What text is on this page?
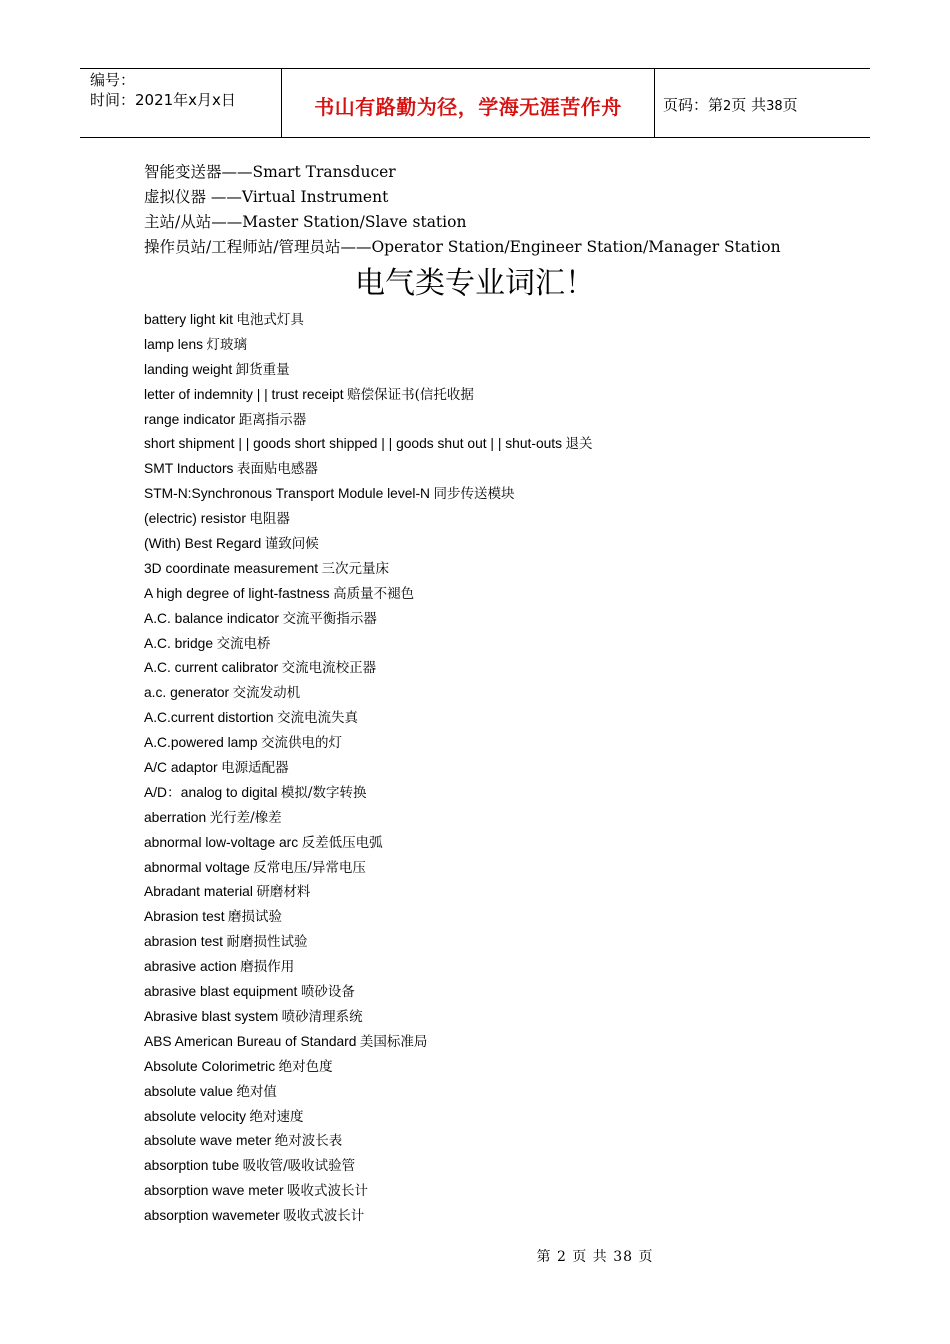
编号：
时间：2021年x月x日	书山有路勤为径，学海无涯苦作舟	页码：第2页 共38页
智能变送器——Smart Transducer
虚拟仪器 ——Virtual Instrument
主站/从站——Master Station/Slave station
操作员站/工程师站/管理员站——Operator Station/Engineer Station/Manager Station
电气类专业词汇！
battery light kit 电池式灯具
lamp lens 灯玻璃
landing weight 卸货重量
letter of indemnity | | trust receipt 赔偿保证书(信托收据
range indicator 距离指示器
short shipment | | goods short shipped | | goods shut out | | shut-outs 退关
SMT Inductors 表面贴电感器
STM-N:Synchronous Transport Module level-N 同步传送模块
(electric) resistor 电阻器
(With) Best Regard 谨致问候
3D coordinate measurement 三次元量床
A high degree of light-fastness 高质量不褪色
A.C. balance indicator 交流平衡指示器
A.C. bridge 交流电桥
A.C. current calibrator 交流电流校正器
a.c. generator 交流发动机
A.C.current distortion 交流电流失真
A.C.powered lamp 交流供电的灯
A/C adaptor 电源适配器
A/D：analog to digital 模拟/数字转换
aberration 光行差/橡差
abnormal low-voltage arc 反差低压电弧
abnormal voltage 反常电压/异常电压
Abradant material 研磨材料
Abrasion test 磨损试验
abrasion test 耐磨损性试验
abrasive action 磨损作用
abrasive blast equipment 喷砂设备
Abrasive blast system 喷砂清理系统
ABS American Bureau of Standard 美国标准局
Absolute Colorimetric 绝对色度
absolute value 绝对值
absolute velocity 绝对速度
absolute wave meter 绝对波长表
absorption tube 吸收管/吸收试验管
absorption wave meter 吸收式波长计
absorption wavemeter 吸收式波长计
第 2 页 共 38 页
